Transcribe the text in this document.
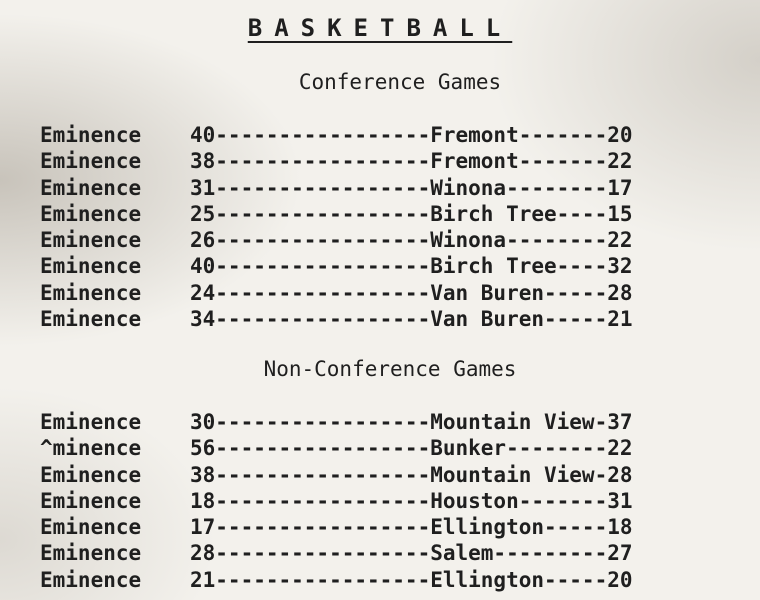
BASKETBALL
Conference Games
Eminence 40-----------------Fremont-------20
Eminence 38-----------------Fremont-------22
Eminence 31-----------------Winona--------17
Eminence 25-----------------Birch Tree----15
Eminence 26-----------------Winona--------22
Eminence 40-----------------Birch Tree----32
Eminence 24-----------------Van Buren-----28
Eminence 34-----------------Van Buren-----21
Non-Conference Games
Eminence 30-----------------Mountain View-37
^minence 56-----------------Bunker--------22
Eminence 38-----------------Mountain View-28
Eminence 18-----------------Houston-------31
Eminence 17-----------------Ellington-----18
Eminence 28-----------------Salem---------27
Eminence 21-----------------Ellington-----20
